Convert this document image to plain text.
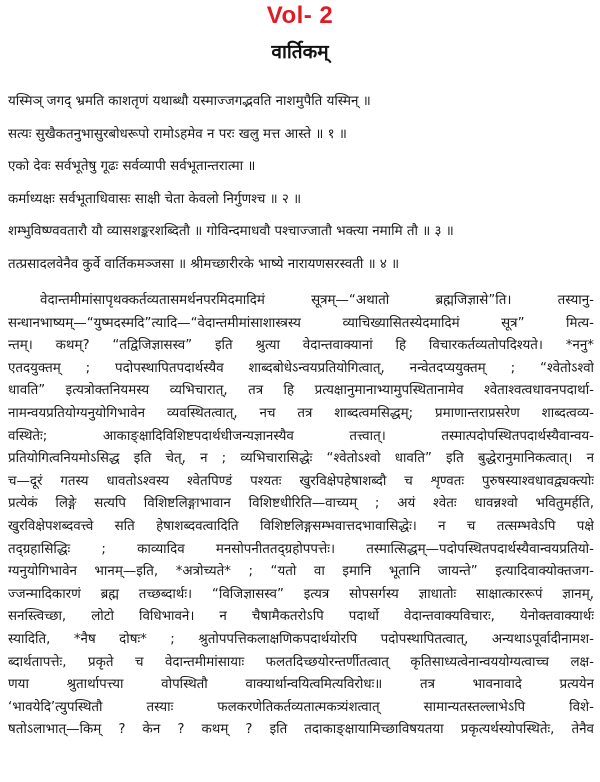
Vol- 2
वार्तिकम्
यस्मिञ् जगद् भ्रमति काशतृणं यथाब्धौ यस्माज्जगद्भवति नाशमुपैति यस्मिन् ॥
सत्यः सुखैकतनुभासुरबोधरूपो रामोऽहमेव न परः खलु मत्त आस्ते ॥ १ ॥
एको देवः सर्वभूतेषु गूढः सर्वव्यापी सर्वभूतान्तरात्मा ॥
कर्माध्यक्षः सर्वभूताधिवासः साक्षी चेता केवलो निर्गुणश्च ॥ २ ॥
शम्भुविष्ण्ववतारौ यौ व्यासशङ्करशब्दितौ ॥ गोविन्दमाधवौ पश्चाज्जातौ भक्त्या नमामि तौ ॥ ३ ॥
तत्प्रसादलवेनैव कुर्वे वार्तिकमञ्जसा ॥ श्रीमच्छारीरके भाष्ये नारायणसरस्वती ॥ ४ ॥
वेदान्तमीमांसापृथक्कर्तव्यतासमर्थनपरमिदमादिमं सूत्रम्—“अथातो ब्रह्मजिज्ञासे”ति। तस्यानु-
सन्धानभाष्यम्—“युष्मदस्मदि”त्यादि—“वेदान्तमीमांसाशास्त्रस्य व्याचिख्यासितस्येदमादिमं सूत्र” मित्य-
न्तम्। कथम्? “तद्विजिज्ञासस्व” इति श्रुत्या वेदान्तवाक्यानां हि विचारकर्तव्यतोपदिश्यते। *ननु*
एतदयुक्तम् ; पदोपस्थापितपदार्थस्यैव शाब्दबोधेऽन्वयप्रतियोगित्वात्, नन्वेतदप्ययुक्तम् ; “श्वेतोऽश्वो
धावति” इत्यत्रोक्तनियमस्य व्यभिचारात्, तत्र हि प्रत्यक्षानुमानाभ्यामुपस्थितानामेव श्वेताश्वत्वधावनपदार्था-
नामन्वयप्रतियोग्यनुयोगिभावेन व्यवस्थितत्वात्, नच तत्र शाब्दत्वमसिद्धम्; प्रमाणान्तराप्रसरेण शाब्दत्वव्य-
वस्थितेः; आकाङ्क्षादिविशिष्टपदार्थधीजन्यज्ञानस्यैव तत्त्वात्। तस्मात्पदोपस्थितपदार्थस्यैवान्वय-
प्रतियोगित्वनियमोऽसिद्ध इति चेत्, न ; व्यभिचारासिद्धेः “श्वेतोऽश्वो धावति” इति बुद्धेरानुमानिकत्वात्। न
च—दूरं गतस्य धावतोऽश्वस्य श्वेतपिण्डं पश्यतः खुरविक्षेपहेषाशब्दौ च शृण्वतः पुरुषस्याश्वधावद्व्यक्त्योः
प्रत्येकं लिङ्गे सत्यपि विशिष्टलिङ्गाभावान विशिष्टधीरिति—वाच्यम् ; अयं श्वेतः धावन्नश्वो भवितुमर्हति,
खुरविक्षेपशब्दवत्त्वे सति हेषाशब्दवत्वादिति विशिष्टलिङ्गसम्भवात्तदभावासिद्धेः। न च तत्सम्भवेऽपि पक्षे
तद्ग्रहासिद्धिः ; काव्यादिव मनसोपनीततद्ग्रहोपपत्तेः। तस्मात्सिद्धम्—पदोपस्थितपदार्थस्यैवान्वयप्रतियो-
ग्यनुयोगिभावेन भानम्—इति, *अत्रोच्यते* ; “यतो वा इमानि भूतानि जायन्ते” इत्यादिवाक्योक्तजग-
ज्जन्मादिकारणं ब्रह्म तच्छब्दार्थः। “विजिज्ञासस्व” इत्यत्र सोपसर्गस्य ज्ञाधातोः साक्षात्काररूपं ज्ञानम्,
सनस्त्विच्छा, लोटो विधिभावने। न चैषामैकतरोऽपि पदार्थो वेदान्तवाक्यविचारः, येनोक्तवाक्यार्थः
स्यादिति, *नैष दोषः* ; श्रुतोपपत्तिकलाक्षणिकपदार्थयोरपि पदोपस्थापितत्वात्, अन्यथाऽपूर्वादीनामश-
ब्दार्थतापत्तेः, प्रकृते च वेदान्तमीमांसायाः फलतदिच्छयोरन्तर्णीतत्वात् कृतिसाध्यत्वेनान्वययोग्यत्वाच्च लक्ष-
णया श्रुतार्थापत्त्या वोपस्थितौ वाक्यार्थान्वयित्वमित्यविरोधः॥ तत्र भावनावादे प्रत्ययेन
‘भावयेदि’त्युपस्थितौ तस्याः फलकरणेतिकर्तव्यतात्मकत्र्यंशत्वात् सामान्यतस्तल्लाभेऽपि विशे-
षतोऽलाभात्—किम् ? केन ? कथम् ? इति तदाकाङ्क्षायामिच्छाविषयतया प्रकृत्यर्थस्योपस्थितेः, तेनैव
